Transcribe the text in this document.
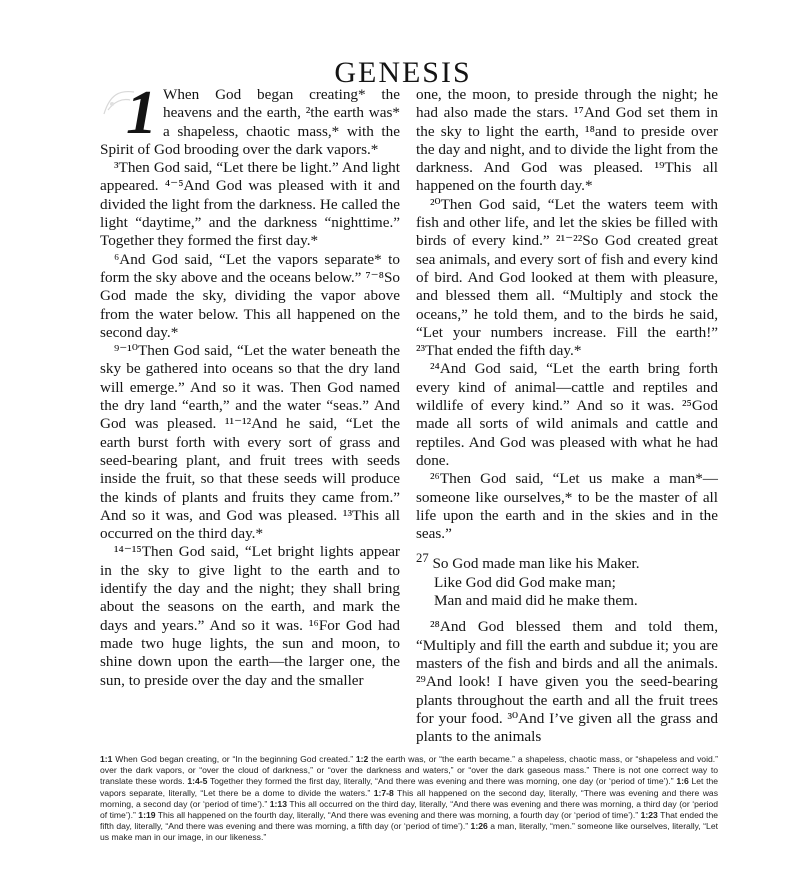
GENESIS

1 When God began creating* the heavens and the earth, ²the earth was* a shapeless, chaotic mass,* with the Spirit of God brooding over the dark vapors.*

³Then God said, “Let there be light.” And light appeared. ⁴⁻⁵And God was pleased with it and divided the light from the darkness. He called the light “daytime,” and the darkness “nighttime.” Together they formed the first day.*

⁶And God said, “Let the vapors separate* to form the sky above and the oceans below.” ⁷⁻⁸So God made the sky, dividing the vapor above from the water below. This all happened on the second day.*

⁹⁻¹⁰Then God said, “Let the water beneath the sky be gathered into oceans so that the dry land will emerge.” And so it was. Then God named the dry land “earth,” and the water “seas.” And God was pleased. ¹¹⁻¹²And he said, “Let the earth burst forth with every sort of grass and seed-bearing plant, and fruit trees with seeds inside the fruit, so that these seeds will produce the kinds of plants and fruits they came from.” And so it was, and God was pleased. ¹³This all occurred on the third day.*

¹⁴⁻¹⁵Then God said, “Let bright lights appear in the sky to give light to the earth and to identify the day and the night; they shall bring about the seasons on the earth, and mark the days and years.” And so it was. ¹⁶For God had made two huge lights, the sun and moon, to shine down upon the earth—the larger one, the sun, to preside over the day and the smaller

one, the moon, to preside through the night; he had also made the stars. ¹⁷And God set them in the sky to light the earth, ¹⁸and to preside over the day and night, and to divide the light from the darkness. And God was pleased. ¹⁹This all happened on the fourth day.*

²⁰Then God said, “Let the waters teem with fish and other life, and let the skies be filled with birds of every kind.” ²¹⁻²²So God created great sea animals, and every sort of fish and every kind of bird. And God looked at them with pleasure, and blessed them all. “Multiply and stock the oceans,” he told them, and to the birds he said, “Let your numbers increase. Fill the earth!” ²³That ended the fifth day.*

²⁴And God said, “Let the earth bring forth every kind of animal—cattle and reptiles and wildlife of every kind.” And so it was. ²⁵God made all sorts of wild animals and cattle and reptiles. And God was pleased with what he had done.

²⁶Then God said, “Let us make a man*— someone like ourselves,* to be the master of all life upon the earth and in the skies and in the seas.”

$^{27}$ So God made man like his Maker.
Like God did God make man;
Man and maid did he make them.

²⁸And God blessed them and told them, “Multiply and fill the earth and subdue it; you are masters of the fish and birds and all the animals. ²⁹And look! I have given you the seed-bearing plants throughout the earth and all the fruit trees for your food. ³⁰And I’ve given all the grass and plants to the animals

1:1 When God began creating, or “In the beginning God created.” 1:2 the earth was, or “the earth became.” a shapeless, chaotic mass, or “shapeless and void.” over the dark vapors, or “over the cloud of darkness,” or “over the darkness and waters,” or “over the dark gaseous mass.” There is not one correct way to translate these words. 1:4-5 Together they formed the first day, literally, “And there was evening and there was morning, one day (or ‘period of time’).” 1:6 Let the vapors separate, literally, “Let there be a dome to divide the waters.” 1:7-8 This all happened on the second day, literally, “There was evening and there was morning, a second day (or ‘period of time’).” 1:13 This all occurred on the third day, literally, “And there was evening and there was morning, a third day (or ‘period of time’).” 1:19 This all happened on the fourth day, literally, “And there was evening and there was morning, a fourth day (or ‘period of time’).” 1:23 That ended the fifth day, literally, “And there was evening and there was morning, a fifth day (or ‘period of time’).” 1:26 a man, literally, “men.” someone like ourselves, literally, “Let us make man in our image, in our likeness.”
